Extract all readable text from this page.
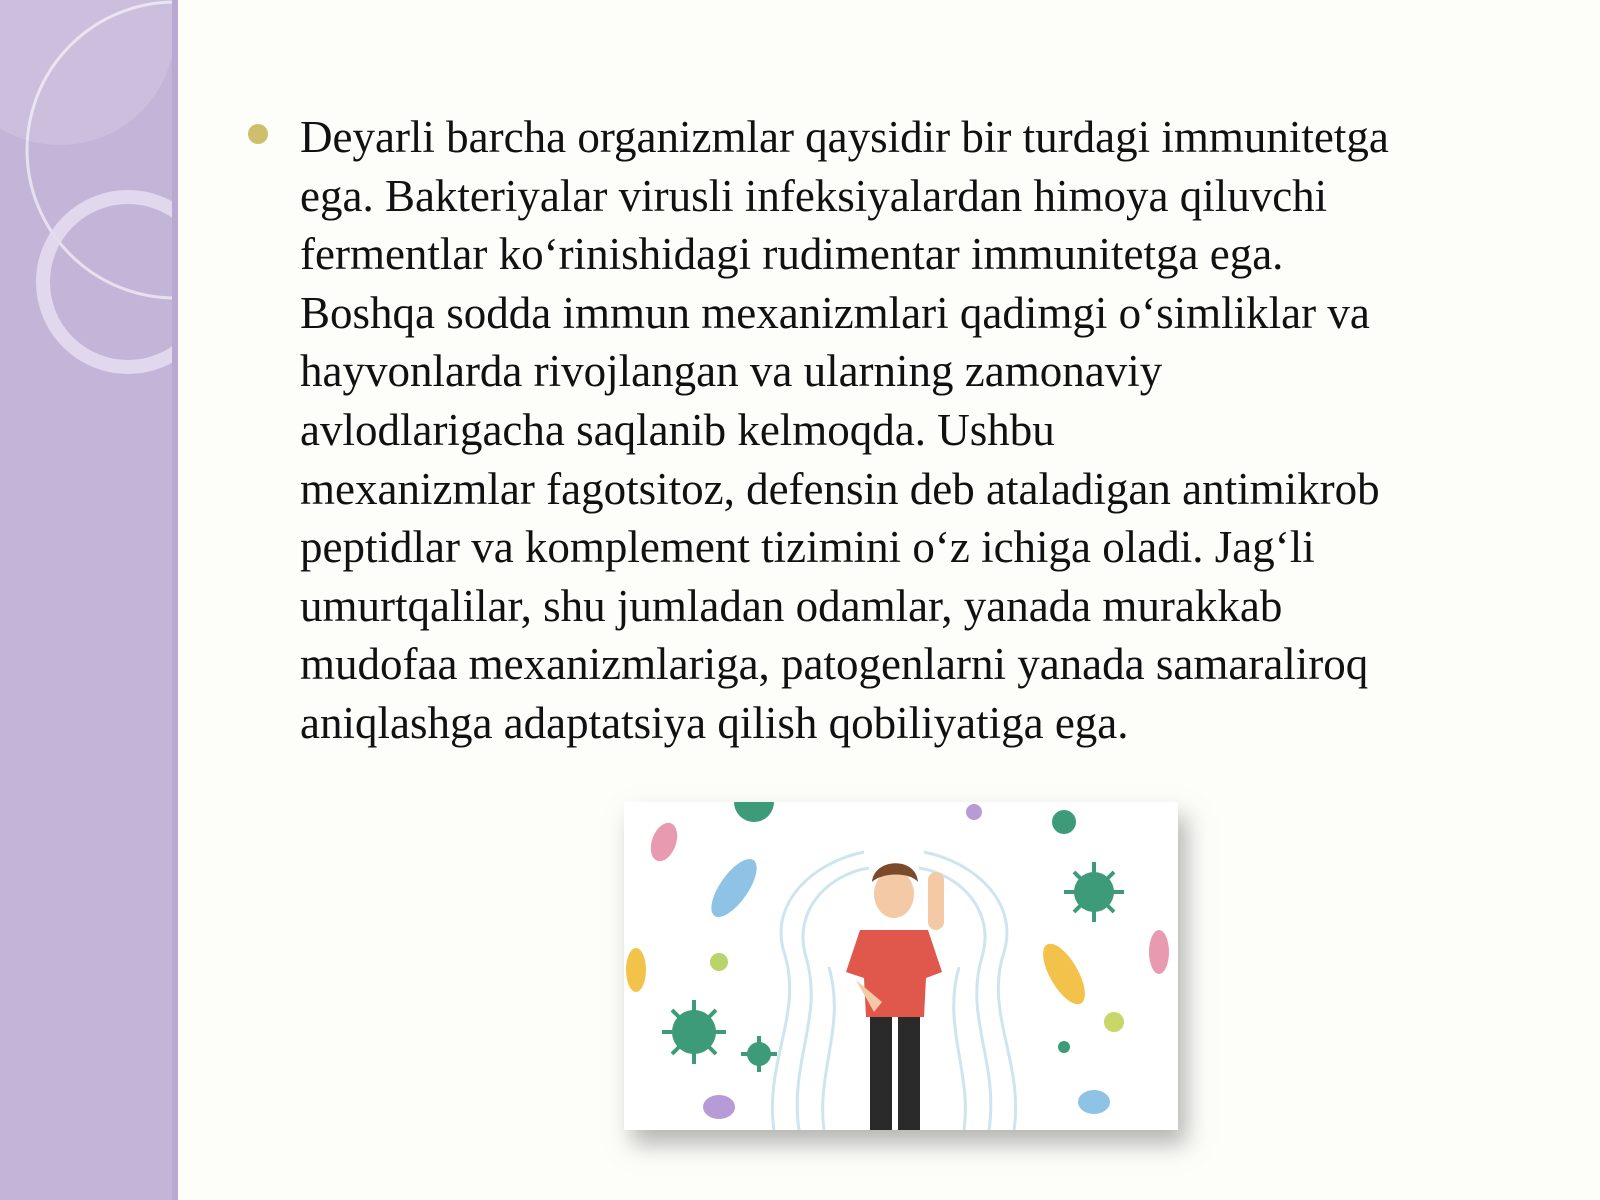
Deyarli barcha organizmlar qaysidir bir turdagi immunitetga
ega. Bakteriyalar virusli infeksiyalardan himoya qiluvchi
fermentlar ko‘rinishidagi rudimentar immunitetga ega.
Boshqa sodda immun mexanizmlari qadimgi o‘simliklar va
hayvonlarda rivojlangan va ularning zamonaviy
avlodlarigacha saqlanib kelmoqda. Ushbu
mexanizmlar fagotsitoz, defensin deb ataladigan antimikrob
peptidlar va komplement tizimini o‘z ichiga oladi. Jag‘li
umurtqalilar, shu jumladan odamlar, yanada murakkab
mudofaa mexanizmlariga, patogenlarni yanada samaraliroq
aniqlashga adaptatsiya qilish qobiliyatiga ega.
